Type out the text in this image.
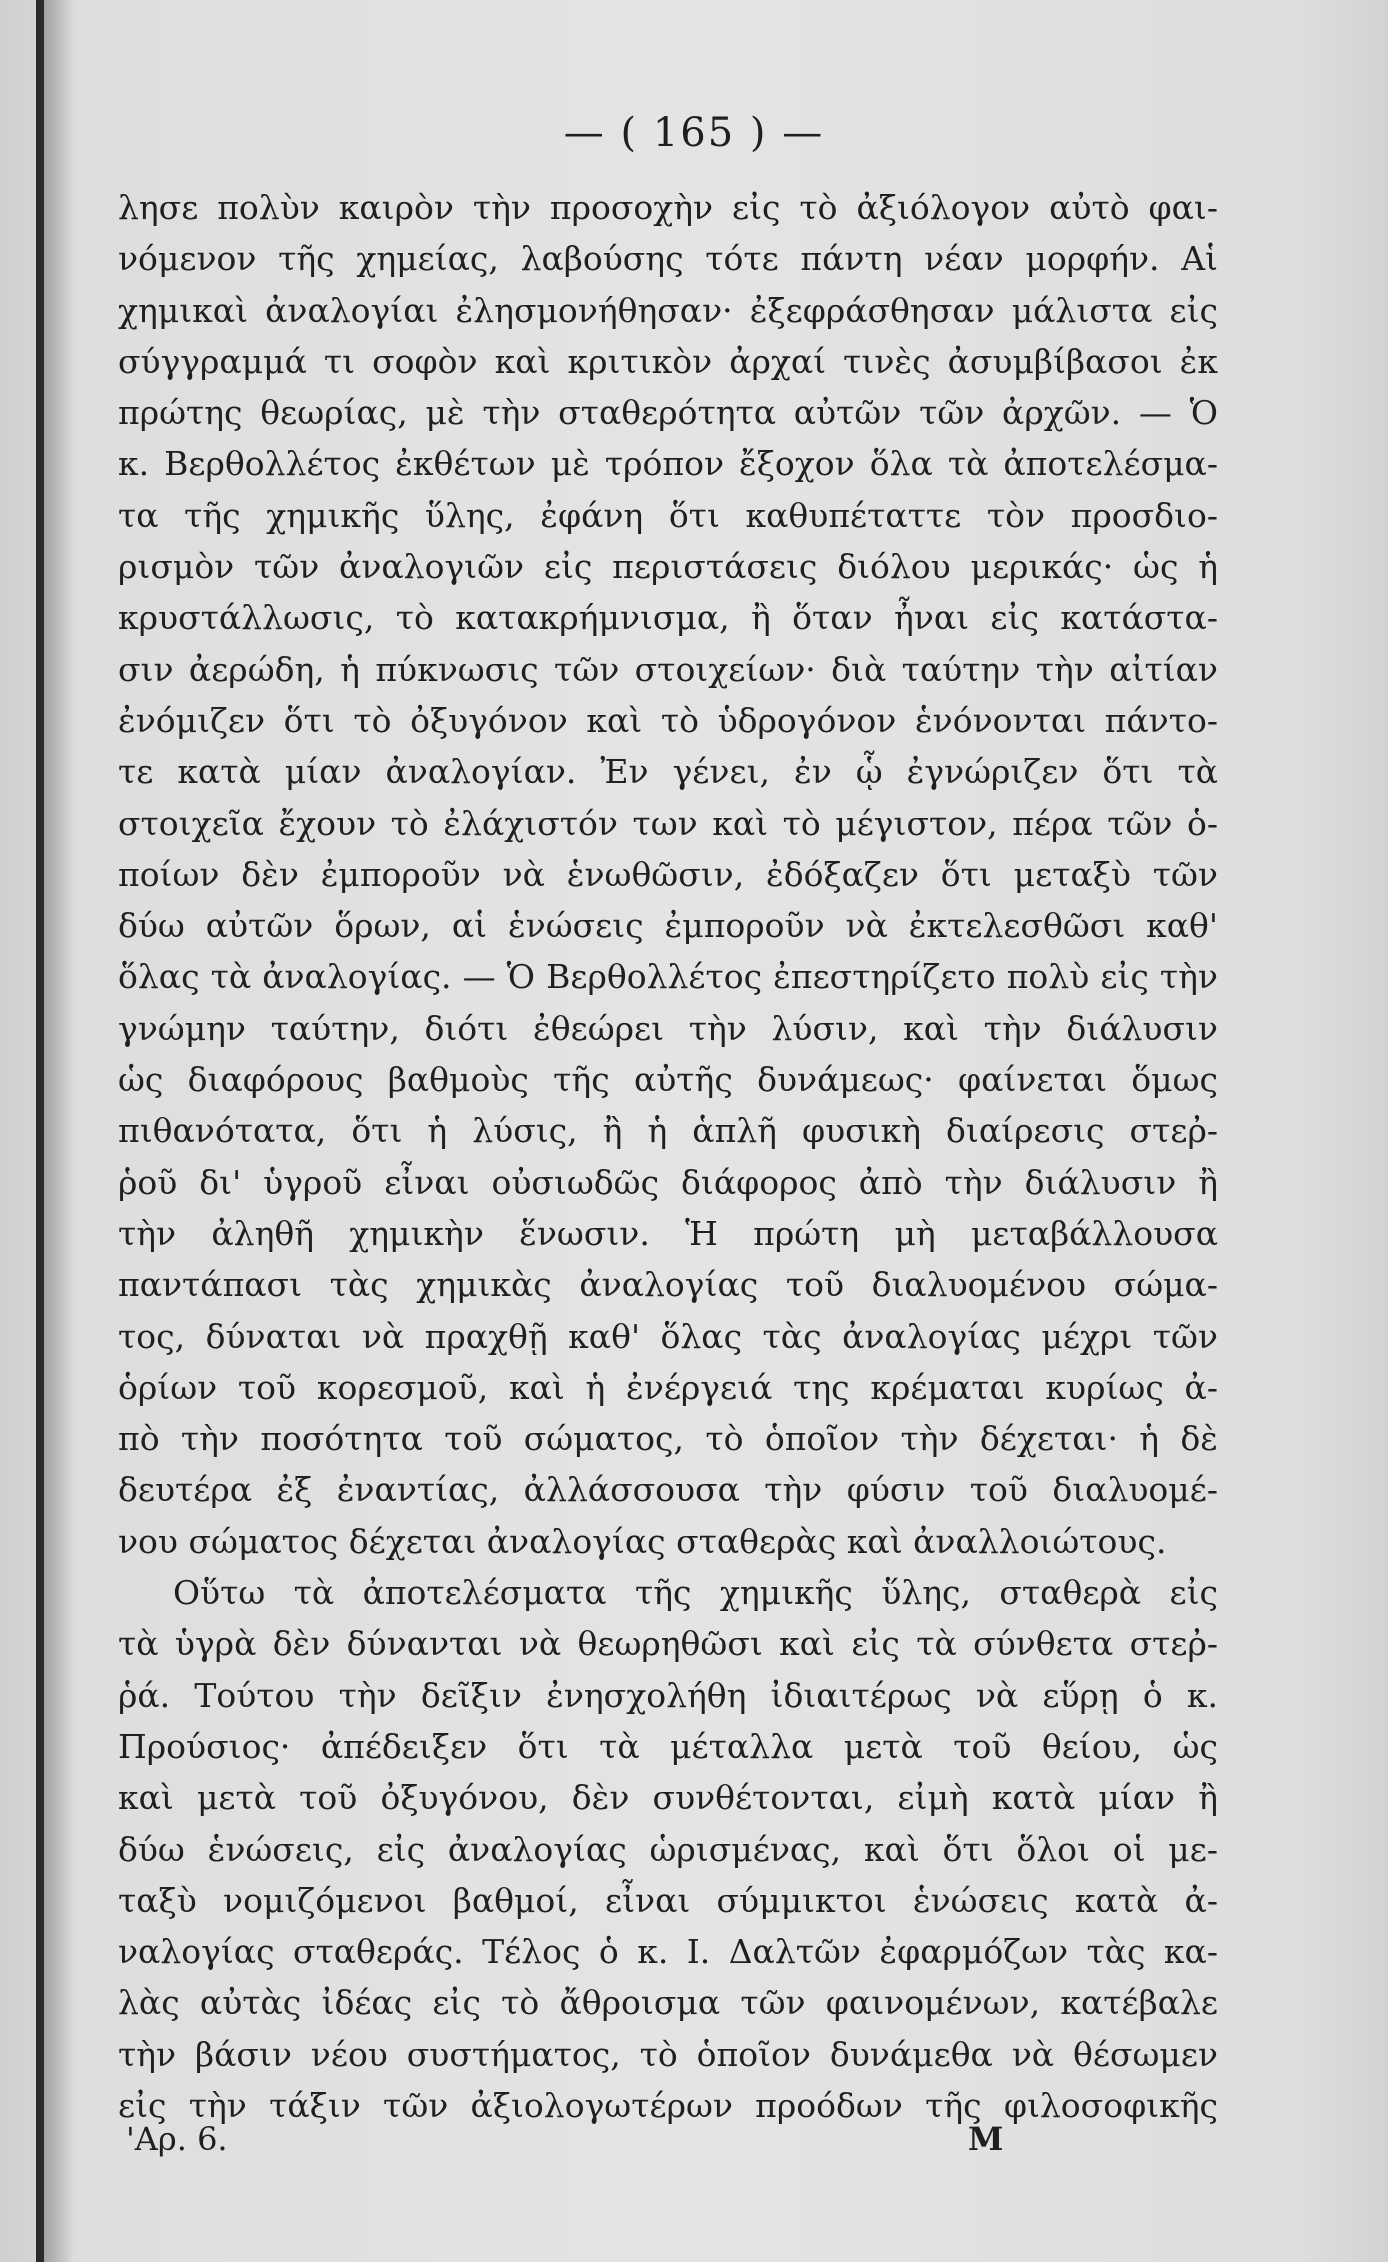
— ( 165 ) —
λησε πολὺν καιρὸν τὴν προσοχὴν εἰς τὸ ἀξιόλογον αὐτὸ φαι-
νόμενον τῆς χημείας, λαβούσης τότε πάντη νέαν μορφήν. Αἱ
χημικαὶ ἀναλογίαι ἐλησμονήθησαν· ἐξεφράσθησαν μάλιστα εἰς
σύγγραμμά τι σοφὸν καὶ κριτικὸν ἀρχαί τινὲς ἀσυμβίβασοι ἐκ
πρώτης θεωρίας, μὲ τὴν σταθερότητα αὐτῶν τῶν ἀρχῶν. — Ὁ
κ. Βερθολλέτος ἐκθέτων μὲ τρόπον ἔξοχον ὅλα τὰ ἀποτελέσμα-
τα τῆς χημικῆς ὕλης, ἐφάνη ὅτι καθυπέταττε τὸν προσδιο-
ρισμὸν τῶν ἀναλογιῶν εἰς περιστάσεις διόλου μερικάς· ὡς ἡ
κρυστάλλωσις, τὸ κατακρήμνισμα, ἢ ὅταν ἦναι εἰς κατάστα-
σιν ἀερώδη, ἡ πύκνωσις τῶν στοιχείων· διὰ ταύτην τὴν αἰτίαν
ἐνόμιζεν ὅτι τὸ ὀξυγόνον καὶ τὸ ὑδρογόνον ἑνόνονται πάντο-
τε κατὰ μίαν ἀναλογίαν. Ἐν γένει, ἐν ᾧ ἐγνώριζεν ὅτι τὰ
στοιχεῖα ἔχουν τὸ ἐλάχιστόν των καὶ τὸ μέγιστον, πέρα τῶν ὁ-
ποίων δὲν ἐμποροῦν νὰ ἑνωθῶσιν, ἐδόξαζεν ὅτι μεταξὺ τῶν
δύω αὐτῶν ὅρων, αἱ ἑνώσεις ἐμποροῦν νὰ ἐκτελεσθῶσι καθ'
ὅλας τὰ ἀναλογίας. — Ὁ Βερθολλέτος ἐπεστηρίζετο πολὺ εἰς τὴν
γνώμην ταύτην, διότι ἐθεώρει τὴν λύσιν, καὶ τὴν διάλυσιν
ὡς διαφόρους βαθμοὺς τῆς αὐτῆς δυνάμεως· φαίνεται ὅμως
πιθανότατα, ὅτι ἡ λύσις, ἢ ἡ ἁπλῆ φυσικὴ διαίρεσις στεῤ-
ῥοῦ δι' ὑγροῦ εἶναι οὐσιωδῶς διάφορος ἀπὸ τὴν διάλυσιν ἢ
τὴν ἀληθῆ χημικὴν ἕνωσιν. Ἡ πρώτη μὴ μεταβάλλουσα
παντάπασι τὰς χημικὰς ἀναλογίας τοῦ διαλυομένου σώμα-
τος, δύναται νὰ πραχθῇ καθ' ὅλας τὰς ἀναλογίας μέχρι τῶν
ὁρίων τοῦ κορεσμοῦ, καὶ ἡ ἐνέργειά της κρέμαται κυρίως ἀ-
πὸ τὴν ποσότητα τοῦ σώματος, τὸ ὁποῖον τὴν δέχεται· ἡ δὲ
δευτέρα ἐξ ἐναντίας, ἀλλάσσουσα τὴν φύσιν τοῦ διαλυομέ-
νου σώματος δέχεται ἀναλογίας σταθερὰς καὶ ἀναλλοιώτους.
Οὕτω τὰ ἀποτελέσματα τῆς χημικῆς ὕλης, σταθερὰ εἰς
τὰ ὑγρὰ δὲν δύνανται νὰ θεωρηθῶσι καὶ εἰς τὰ σύνθετα στεῤ-
ῥά. Τούτου τὴν δεῖξιν ἐνησχολήθη ἰδιαιτέρως νὰ εὕρῃ ὁ κ.
Προύσιος· ἀπέδειξεν ὅτι τὰ μέταλλα μετὰ τοῦ θείου, ὡς
καὶ μετὰ τοῦ ὀξυγόνου, δὲν συνθέτονται, εἰμὴ κατὰ μίαν ἢ
δύω ἑνώσεις, εἰς ἀναλογίας ὡρισμένας, καὶ ὅτι ὅλοι οἱ με-
ταξὺ νομιζόμενοι βαθμοί, εἶναι σύμμικτοι ἑνώσεις κατὰ ἀ-
ναλογίας σταθεράς. Τέλος ὁ κ. Ι. Δαλτῶν ἐφαρμόζων τὰς κα-
λὰς αὐτὰς ἰδέας εἰς τὸ ἄθροισμα τῶν φαινομένων, κατέβαλε
τὴν βάσιν νέου συστήματος, τὸ ὁποῖον δυνάμεθα νὰ θέσωμεν
εἰς τὴν τάξιν τῶν ἀξιολογωτέρων προόδων τῆς φιλοσοφικῆς
'Αρ. 6.	Μ
